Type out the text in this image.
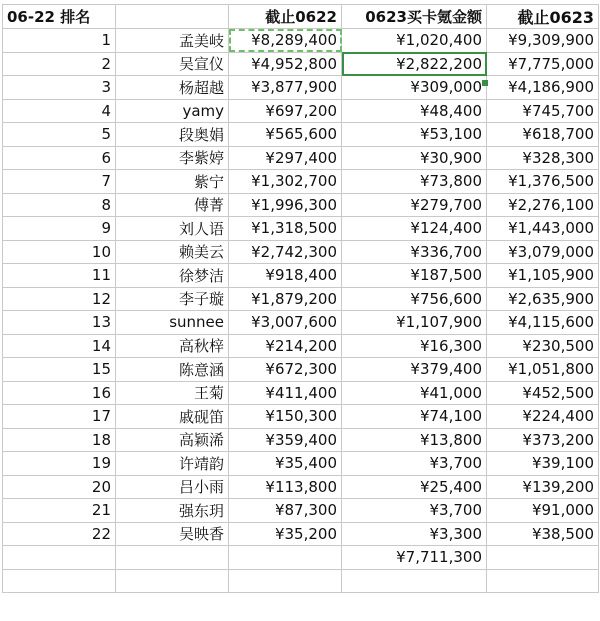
06-22 排名		截止0622	0623买卡氪金额	截止0623
1	孟美岐	¥8,289,400	¥1,020,400	¥9,309,900
2	吴宣仪	¥4,952,800	¥2,822,200	¥7,775,000
3	杨超越	¥3,877,900	¥309,000	¥4,186,900
4	yamy	¥697,200	¥48,400	¥745,700
5	段奥娟	¥565,600	¥53,100	¥618,700
6	李紫婷	¥297,400	¥30,900	¥328,300
7	紫宁	¥1,302,700	¥73,800	¥1,376,500
8	傅菁	¥1,996,300	¥279,700	¥2,276,100
9	刘人语	¥1,318,500	¥124,400	¥1,443,000
10	赖美云	¥2,742,300	¥336,700	¥3,079,000
11	徐梦洁	¥918,400	¥187,500	¥1,105,900
12	李子璇	¥1,879,200	¥756,600	¥2,635,900
13	sunnee	¥3,007,600	¥1,107,900	¥4,115,600
14	高秋梓	¥214,200	¥16,300	¥230,500
15	陈意涵	¥672,300	¥379,400	¥1,051,800
16	王菊	¥411,400	¥41,000	¥452,500
17	戚砚笛	¥150,300	¥74,100	¥224,400
18	高颖浠	¥359,400	¥13,800	¥373,200
19	许靖韵	¥35,400	¥3,700	¥39,100
20	吕小雨	¥113,800	¥25,400	¥139,200
21	强东玥	¥87,300	¥3,700	¥91,000
22	吴映香	¥35,200	¥3,300	¥38,500
			¥7,711,300	
